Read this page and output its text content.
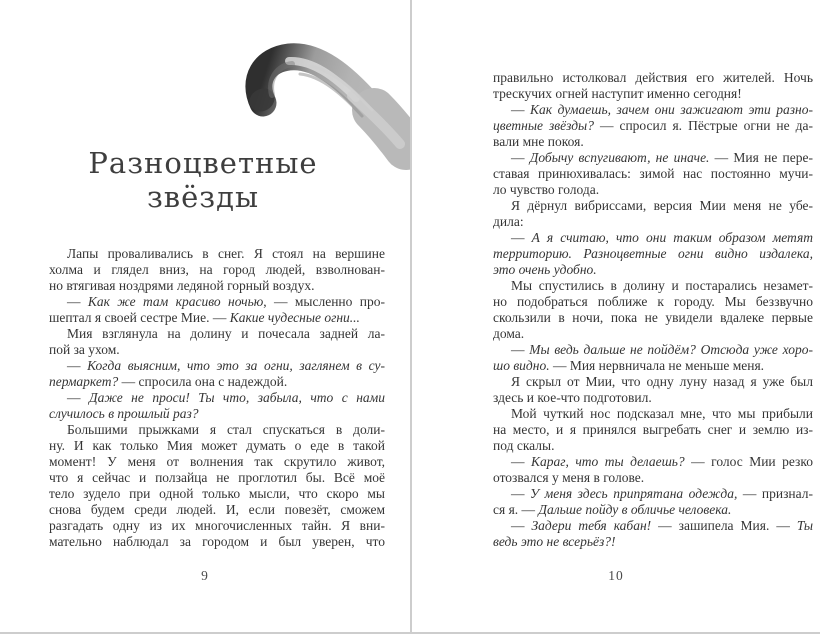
Разноцветные звёзды
Лапы проваливались в снег. Я стоял на вершине
холма и глядел вниз, на город людей, взволнован-
но втягивая ноздрями ледяной горный воздух.
— Как же там красиво ночью, — мысленно про-
шептал я своей сестре Мие. — Какие чудесные огни...
Мия взглянула на долину и почесала задней ла-
пой за ухом.
— Когда выясним, что это за огни, заглянем в су-
пермаркет? — спросила она с надеждой.
— Даже не проси! Ты что, забыла, что с нами
случилось в прошлый раз?
Большими прыжками я стал спускаться в доли-
ну. И как только Мия может думать о еде в такой
момент! У меня от волнения так скрутило живот,
что я сейчас и ползайца не проглотил бы. Всё моё
тело зудело при одной только мысли, что скоро мы
снова будем среди людей. И, если повезёт, сможем
разгадать одну из их многочисленных тайн. Я вни-
мательно наблюдал за городом и был уверен, что
9
правильно истолковал действия его жителей. Ночь
трескучих огней наступит именно сегодня!
— Как думаешь, зачем они зажигают эти разно-
цветные звёзды? — спросил я. Пёстрые огни не да-
вали мне покоя.
— Добычу вспугивают, не иначе. — Мия не пере-
ставая принюхивалась: зимой нас постоянно мучи-
ло чувство голода.
Я дёрнул вибриссами, версия Мии меня не убе-
дила:
— А я считаю, что они таким образом метят
территорию. Разноцветные огни видно издалека,
это очень удобно.
Мы спустились в долину и постарались незамет-
но подобраться поближе к городу. Мы беззвучно
скользили в ночи, пока не увидели вдалеке первые
дома.
— Мы ведь дальше не пойдём? Отсюда уже хоро-
шо видно. — Мия нервничала не меньше меня.
Я скрыл от Мии, что одну луну назад я уже был
здесь и кое-что подготовил.
Мой чуткий нос подсказал мне, что мы прибыли
на место, и я принялся выгребать снег и землю из-
под скалы.
— Караг, что ты делаешь? — голос Мии резко
отозвался у меня в голове.
— У меня здесь припрятана одежда, — признал-
ся я. — Дальше пойду в обличье человека.
— Задери тебя кабан! — зашипела Мия. — Ты
ведь это не всерьёз?!
10
